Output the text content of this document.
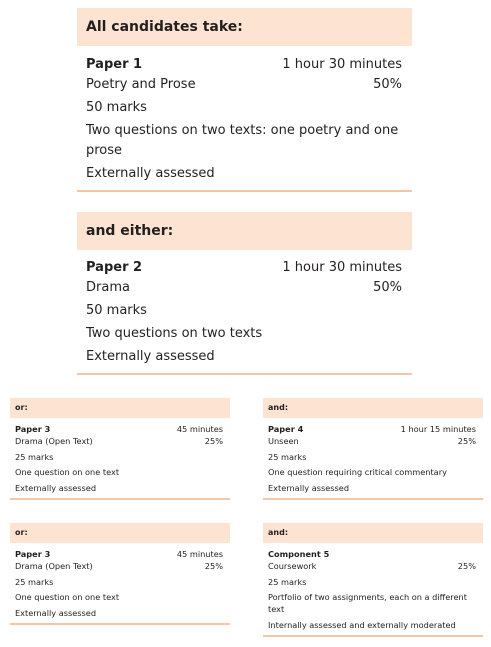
All candidates take:
Paper 1	1 hour 30 minutes
Poetry and Prose	50%
50 marks
Two questions on two texts: one poetry and one prose
Externally assessed
and either:
Paper 2	1 hour 30 minutes
Drama	50%
50 marks
Two questions on two texts
Externally assessed
or:
Paper 3	45 minutes
Drama (Open Text)	25%
25 marks
One question on one text
Externally assessed
and:
Paper 4	1 hour 15 minutes
Unseen	25%
25 marks
One question requiring critical commentary
Externally assessed
or:
Paper 3	45 minutes
Drama (Open Text)	25%
25 marks
One question on one text
Externally assessed
and:
Component 5
Coursework	25%
25 marks
Portfolio of two assignments, each on a different text
Internally assessed and externally moderated
